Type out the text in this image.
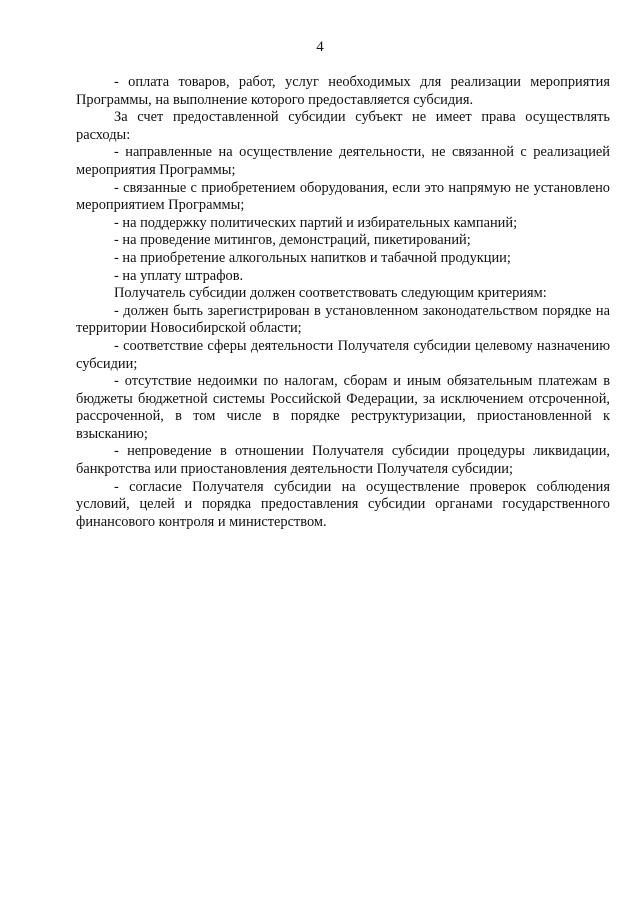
4

- оплата товаров, работ, услуг необходимых для реализации мероприятия Программы, на выполнение которого предоставляется субсидия.

За счет предоставленной субсидии субъект не имеет права осуществлять расходы:

- направленные на осуществление деятельности, не связанной с реализацией мероприятия Программы;

- связанные с приобретением оборудования, если это напрямую не установлено мероприятием Программы;

- на поддержку политических партий и избирательных кампаний;

- на проведение митингов, демонстраций, пикетирований;

- на приобретение алкогольных напитков и табачной продукции;

- на уплату штрафов.

Получатель субсидии должен соответствовать следующим критериям:

- должен быть зарегистрирован в установленном законодательством порядке на территории Новосибирской области;

- соответствие сферы деятельности Получателя субсидии целевому назначению субсидии;

- отсутствие недоимки по налогам, сборам и иным обязательным платежам в бюджеты бюджетной системы Российской Федерации, за исключением отсроченной, рассроченной, в том числе в порядке реструктуризации, приостановленной к взысканию;

- непроведение в отношении Получателя субсидии процедуры ликвидации, банкротства или приостановления деятельности Получателя субсидии;

- согласие Получателя субсидии на осуществление проверок соблюдения условий, целей и порядка предоставления субсидии органами государственного финансового контроля и министерством.
